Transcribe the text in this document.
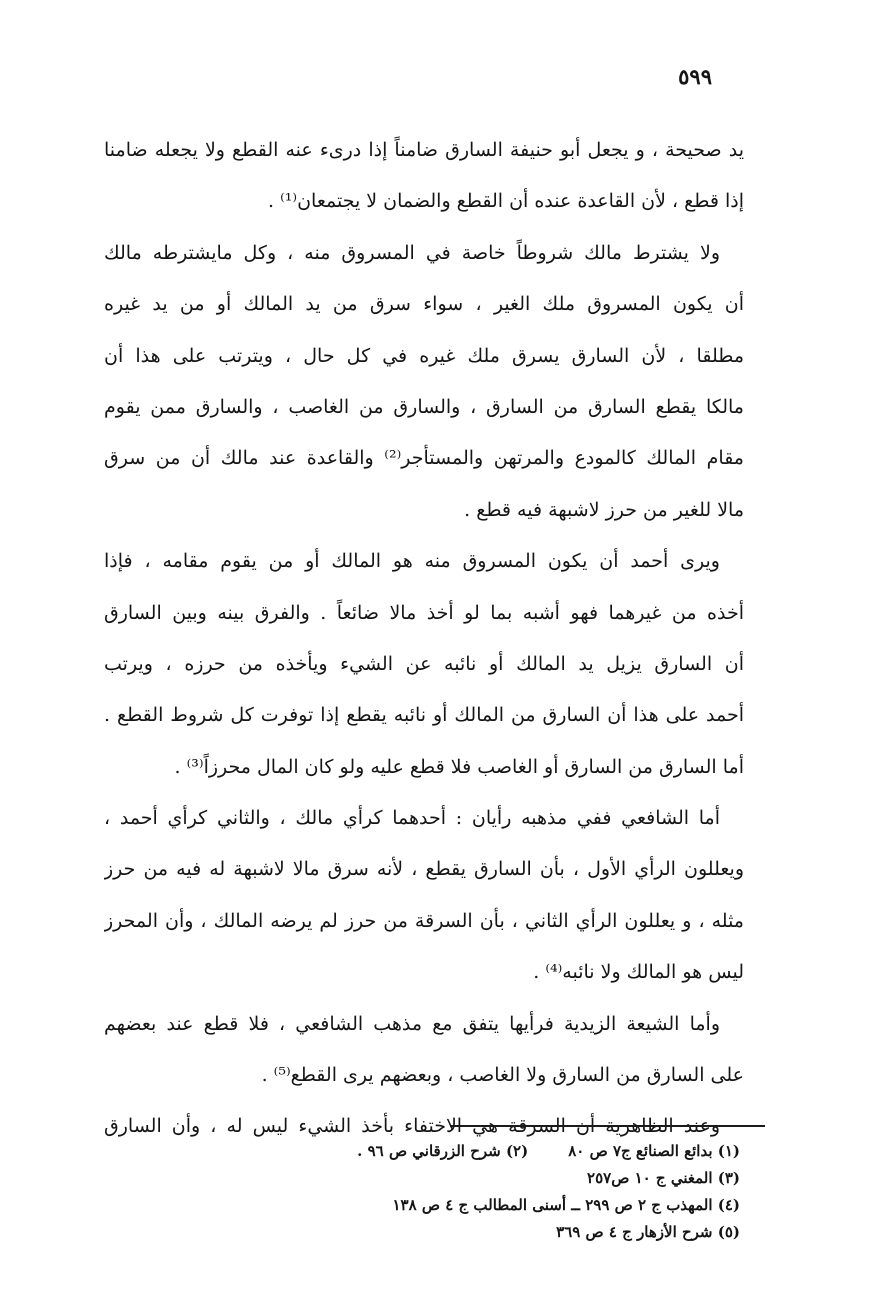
٥٩٩
يد صحيحة ، و يجعل أبو حنيفة السارق ضامناً إذا درىء عنه القطع ولا يجعله ضامنا
إذا قطع ، لأن القاعدة عنده أن القطع والضمان لا يجتمعان⁽¹⁾ .
ولا يشترط مالك شروطاً خاصة في المسروق منه ، وكل مايشترطه مالك
أن يكون المسروق ملك الغير ، سواء سرق من يد المالك أو من يد غيره
مطلقا ، لأن السارق يسرق ملك غيره في كل حال ، ويترتب على هذا أن
مالكا يقطع السارق من السارق ، والسارق من الغاصب ، والسارق ممن يقوم
مقام المالك كالمودع والمرتهن والمستأجر⁽²⁾ والقاعدة عند مالك أن من سرق
مالا للغير من حرز لاشبهة فيه قطع .
ويرى أحمد أن يكون المسروق منه هو المالك أو من يقوم مقامه ، فإذا
أخذه من غيرهما فهو أشبه بما لو أخذ مالا ضائعاً . والفرق بينه وبين السارق
أن السارق يزيل يد المالك أو نائبه عن الشيء ويأخذه من حرزه ، ويرتب
أحمد على هذا أن السارق من المالك أو نائبه يقطع إذا توفرت كل شروط القطع .
أما السارق من السارق أو الغاصب فلا قطع عليه ولو كان المال محرزاً⁽³⁾ .
أما الشافعي ففي مذهبه رأيان : أحدهما كرأي مالك ، والثاني كرأي أحمد ،
ويعللون الرأي الأول ، بأن السارق يقطع ، لأنه سرق مالا لاشبهة له فيه من حرز
مثله ، و يعللون الرأي الثاني ، بأن السرقة من حرز لم يرضه المالك ، وأن المحرز
ليس هو المالك ولا نائبه⁽⁴⁾ .
وأما الشيعة الزيدية فرأيها يتفق مع مذهب الشافعي ، فلا قطع عند بعضهم
على السارق من السارق ولا الغاصب ، وبعضهم يرى القطع⁽⁵⁾ .
وعند الظاهرية أن السرقة هي الاختفاء بأخذ الشيء ليس له ، وأن السارق
(١) بدائع الصنائع ج٧ ص ٨٠(٢) شرح الزرقاني ص ٩٦ .
(٣) المغني ج ١٠ ص٢٥٧
(٤) المهذب ج ٢ ص ٢٩٩ ــ أسنى المطالب ج ٤ ص ١٣٨
(٥) شرح الأزهار ج ٤ ص ٣٦٩
